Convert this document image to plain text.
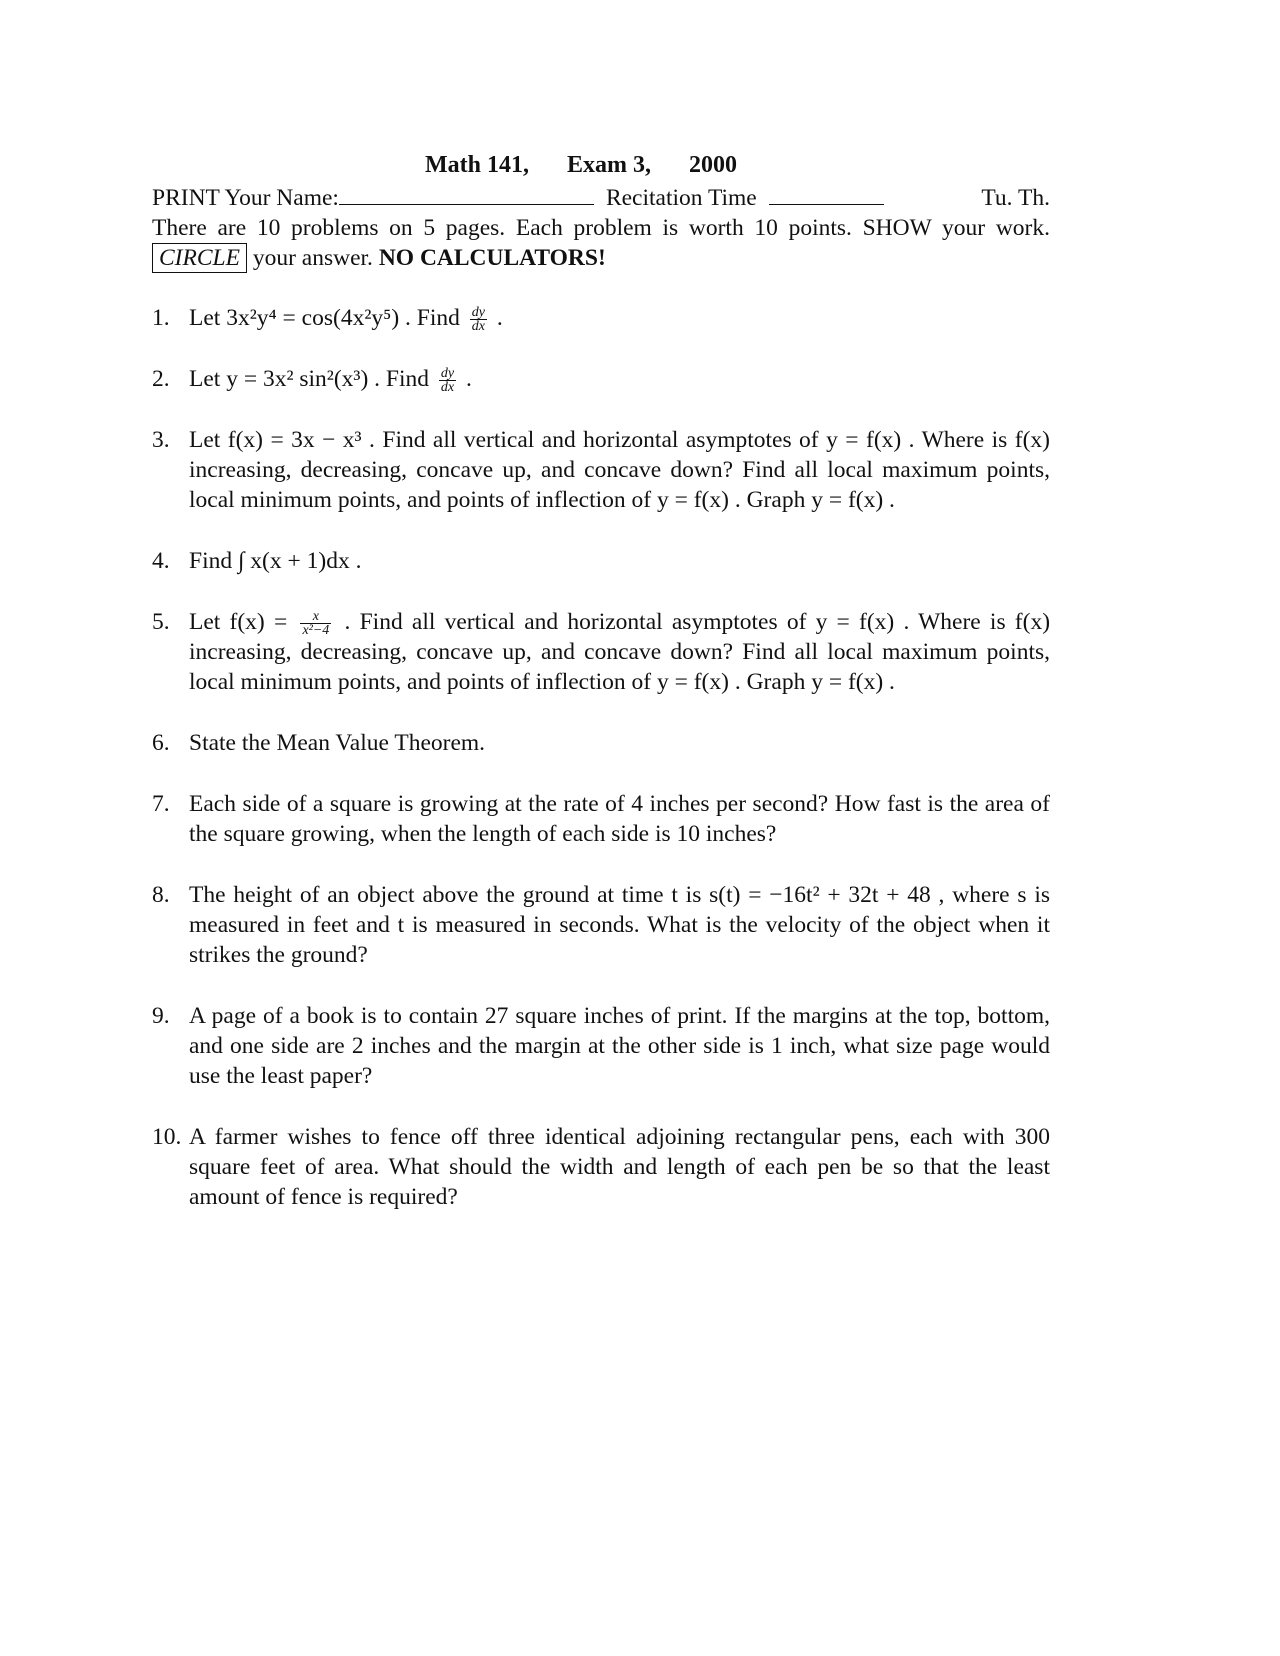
Math 141, Exam 3, 2000
PRINT Your Name:	Recitation Time	Tu. Th.
There are 10 problems on 5 pages. Each problem is worth 10 points. SHOW your work. CIRCLE your answer. NO CALCULATORS!
1. Let 3x²y⁴ = cos(4x²y⁵) . Find $\frac{dy}{dx}$ .
2. Let y = 3x² sin²(x³) . Find $\frac{dy}{dx}$ .
3. Let f(x) = 3x − x³ . Find all vertical and horizontal asymptotes of y = f(x) . Where is f(x) increasing, decreasing, concave up, and concave down? Find all local maximum points, local minimum points, and points of inflection of y = f(x) . Graph y = f(x) .
4. Find ∫ x(x + 1)dx .
5. Let $f(x) = \frac{x}{\text{x²−4}}$ . Find all vertical and horizontal asymptotes of y = f(x) . Where is f(x) increasing, decreasing, concave up, and concave down? Find all local maximum points, local minimum points, and points of inflection of y = f(x) . Graph y = f(x) .
6. State the Mean Value Theorem.
7. Each side of a square is growing at the rate of 4 inches per second? How fast is the area of the square growing, when the length of each side is 10 inches?
8. The height of an object above the ground at time t is s(t) = −16t² + 32t + 48 , where s is measured in feet and t is measured in seconds. What is the velocity of the object when it strikes the ground?
9. A page of a book is to contain 27 square inches of print. If the margins at the top, bottom, and one side are 2 inches and the margin at the other side is 1 inch, what size page would use the least paper?
10. A farmer wishes to fence off three identical adjoining rectangular pens, each with 300 square feet of area. What should the width and length of each pen be so that the least amount of fence is required?
